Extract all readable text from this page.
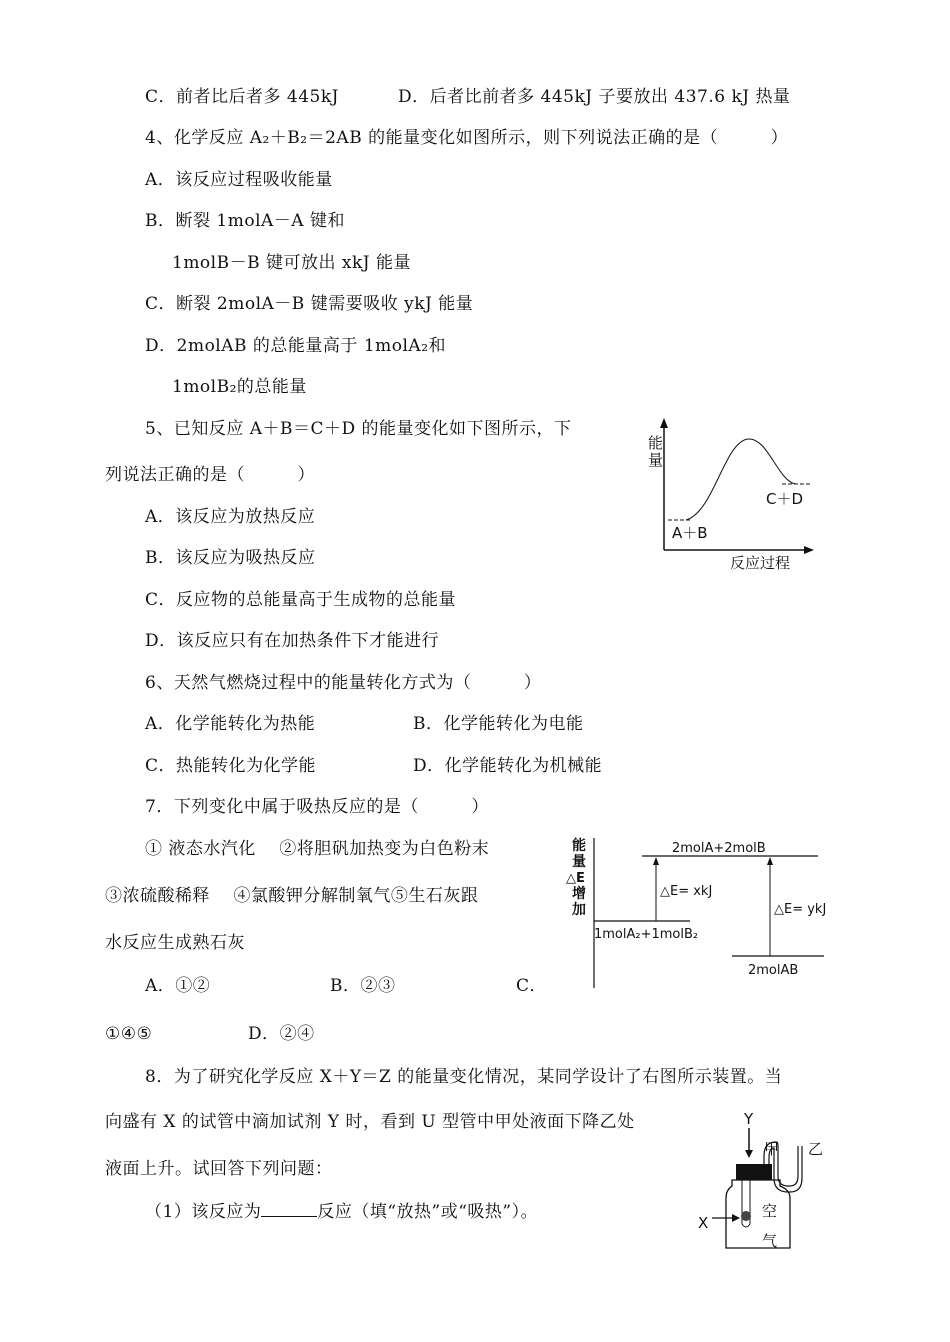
C．前者比后者多 445kJ	D．后者比前者多 445kJ 子要放出 437.6 kJ 热量
4、化学反应 A₂＋B₂＝2AB 的能量变化如图所示，则下列说法正确的是（　　　）
A．该反应过程吸收能量
B．断裂 1molA－A 键和
1molB－B 键可放出 xkJ 能量
C．断裂 2molA－B 键需要吸收 ykJ 能量
D．2molAB 的总能量高于 1molA₂和
1molB₂的总能量
5、已知反应 A＋B＝C＋D 的能量变化如下图所示，下
列说法正确的是（　　　）
A．该反应为放热反应
B．该反应为吸热反应
C．反应物的总能量高于生成物的总能量
D．该反应只有在加热条件下才能进行
能
量
A＋B
C＋D
反应过程
6、天然气燃烧过程中的能量转化方式为（　　　）
A．化学能转化为热能	B．化学能转化为电能
C．热能转化为化学能	D．化学能转化为机械能
7．下列变化中属于吸热反应的是（　　　）
① 液态水汽化　 ②将胆矾加热变为白色粉末
③浓硫酸稀释　 ④氯酸钾分解制氧气⑤生石灰跟
水反应生成熟石灰
A．①②	B．②③	C．
①④⑤	D．②④
能
量
△E
增
加
2molA+2molB
1molA₂+1molB₂
△E= xkJ
2molAB
△E= ykJ
8．为了研究化学反应 X＋Y＝Z 的能量变化情况，某同学设计了右图所示装置。当
向盛有 X 的试管中滴加试剂 Y 时，看到 U 型管中甲处液面下降乙处
液面上升。试回答下列问题：
（1）该反应为	反应（填“放热”或“吸热”）。
Y
甲 乙
X
空
气
